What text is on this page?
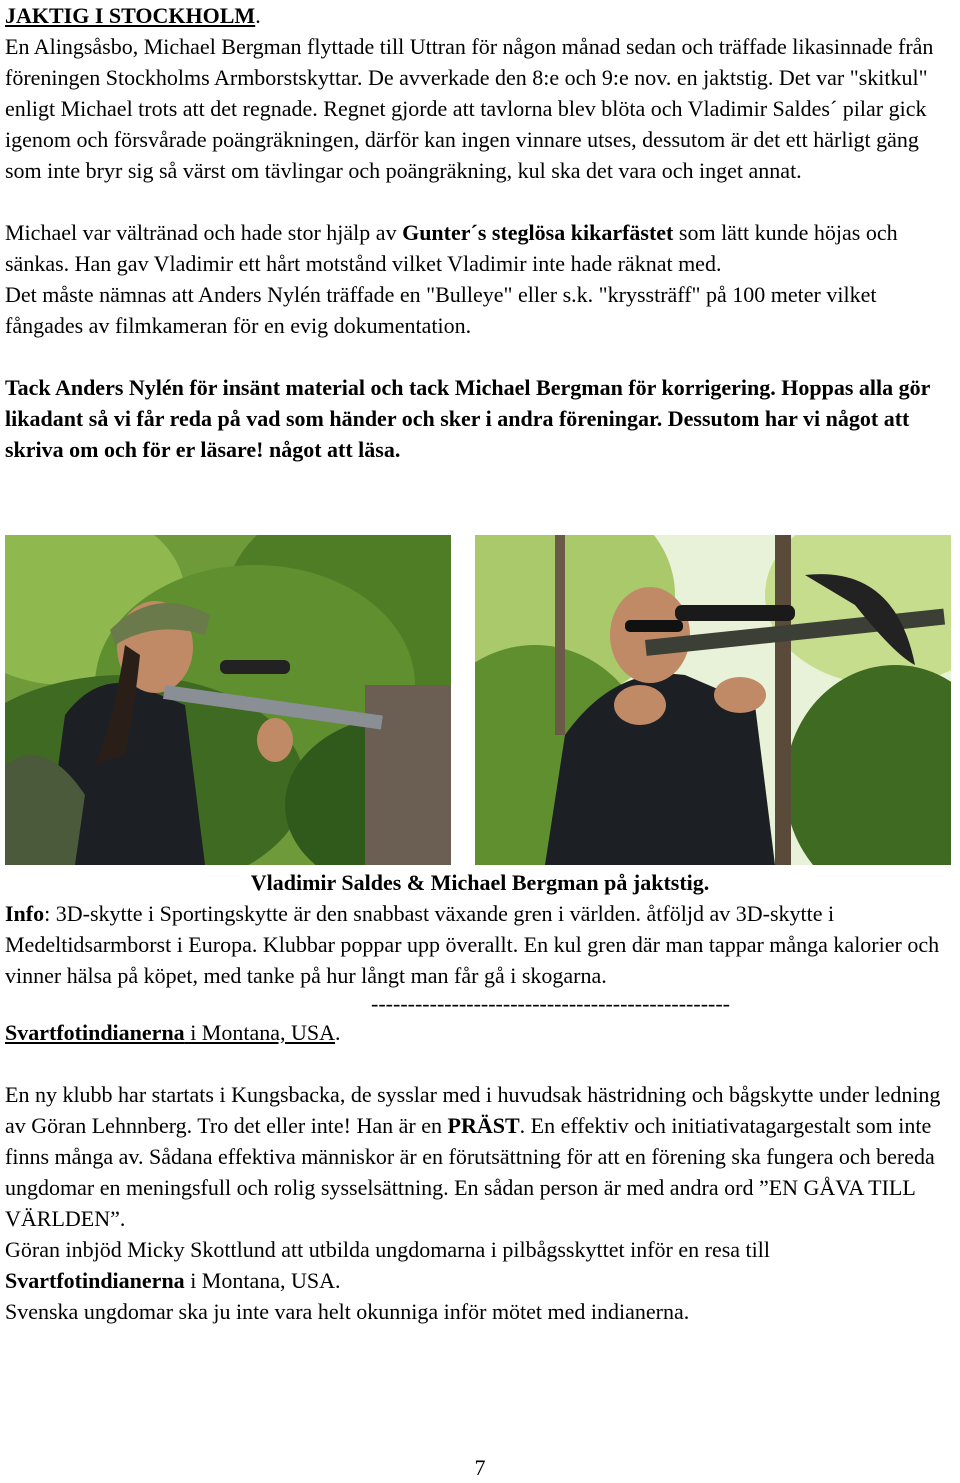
JAKTIG I STOCKHOLM.

En Alingsåsbo, Michael Bergman flyttade till Uttran för någon månad sedan och träffade likasinnade från föreningen Stockholms Armborstskyttar. De avverkade den 8:e och 9:e nov. en jaktstig. Det var "skitkul" enligt Michael trots att det regnade. Regnet gjorde att tavlorna blev blöta och Vladimir Saldes´ pilar gick igenom och försvårade poängräkningen, därför kan ingen vinnare utses, dessutom är det ett härligt gäng som inte bryr sig så värst om tävlingar och poängräkning, kul ska det vara och inget annat.

Michael var vältränad och hade stor hjälp av Gunter´s steglösa kikarfästet som lätt kunde höjas och sänkas. Han gav Vladimir ett hårt motstånd vilket Vladimir inte hade räknat med.

Det måste nämnas att Anders Nylén träffade en "Bulleye" eller s.k. "kryssträff" på 100 meter vilket fångades av filmkameran för en evig dokumentation.

Tack Anders Nylén för insänt material och tack Michael Bergman för korrigering. Hoppas alla gör likadant så vi får reda på vad som händer och sker i andra föreningar. Dessutom har vi något att skriva om och för er läsare! något att läsa.

Vladimir Saldes & Michael Bergman på jaktstig.

Info: 3D-skytte i Sportingskytte är den snabbast växande gren i världen. åtföljd av 3D-skytte i Medeltidsarmborst i Europa. Klubbar poppar upp överallt. En kul gren där man tappar många kalorier och vinner hälsa på köpet, med tanke på hur långt man får gå i skogarna.

-------------------------------------------------

Svartfotindianerna i Montana, USA.

En ny klubb har startats i Kungsbacka, de sysslar med i huvudsak hästridning och bågskytte under ledning av Göran Lehnnberg. Tro det eller inte! Han är en PRÄST. En effektiv och initiativatagargestalt som inte finns många av. Sådana effektiva människor är en förutsättning för att en förening ska fungera och bereda ungdomar en meningsfull och rolig sysselsättning. En sådan person är med andra ord ”EN GÅVA TILL VÄRLDEN”.

Göran inbjöd Micky Skottlund att utbilda ungdomarna i pilbågsskyttet inför en resa till Svartfotindianerna i Montana, USA.

Svenska ungdomar ska ju inte vara helt okunniga inför mötet med indianerna.

7
